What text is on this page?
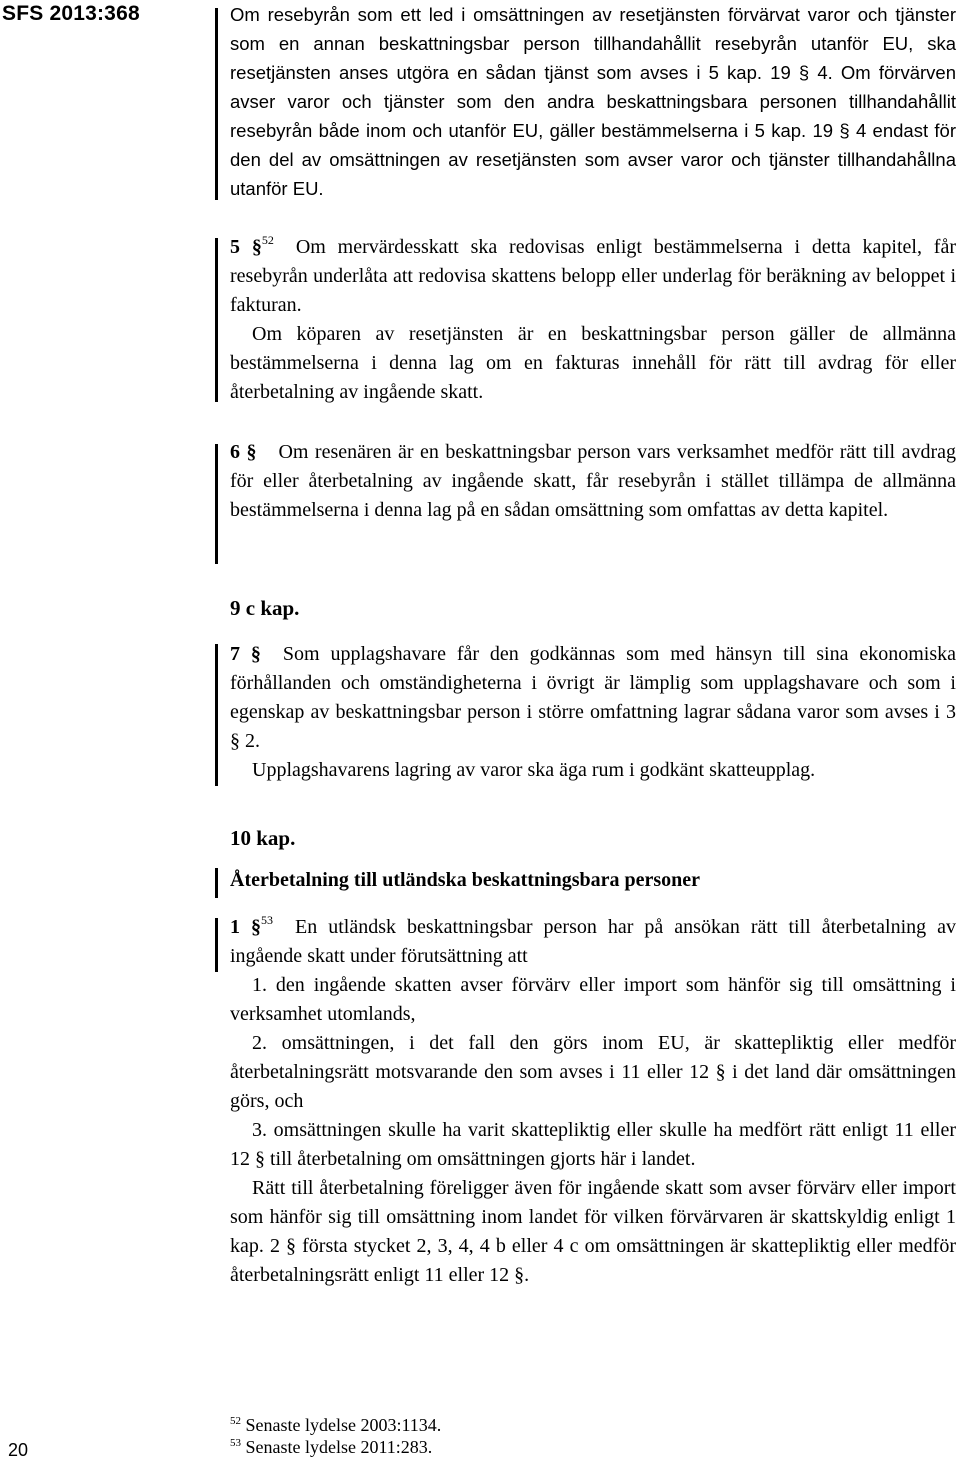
SFS 2013:368	Om resebyrån som ett led i omsättningen av resetjänsten förvärvat varor och tjänster som en annan beskattningsbar person tillhandahållit resebyrån utanför EU, ska resetjänsten anses utgöra en sådan tjänst som avses i 5 kap. 19 § 4. Om förvärven avser varor och tjänster som den andra beskattningsbara personen tillhandahållit resebyrån både inom och utanför EU, gäller bestämmelserna i 5 kap. 19 § 4 endast för den del av omsättningen av resetjänsten som avser varor och tjänster tillhandahållna utanför EU.

5 §$^{52}$ Om mervärdesskatt ska redovisas enligt bestämmelserna i detta kapitel, får resebyrån underlåta att redovisa skattens belopp eller underlag för beräkning av beloppet i fakturan.

Om köparen av resetjänsten är en beskattningsbar person gäller de allmänna bestämmelserna i denna lag om en fakturas innehåll för rätt till avdrag för eller återbetalning av ingående skatt.

6 § Om resenären är en beskattningsbar person vars verksamhet medför rätt till avdrag för eller återbetalning av ingående skatt, får resebyrån i stället tillämpa de allmänna bestämmelserna i denna lag på en sådan omsättning som omfattas av detta kapitel.

9 c kap.

7 § Som upplagshavare får den godkännas som med hänsyn till sina ekonomiska förhållanden och omständigheterna i övrigt är lämplig som upplagshavare och som i egenskap av beskattningsbar person i större omfattning lagrar sådana varor som avses i 3 § 2.

Upplagshavarens lagring av varor ska äga rum i godkänt skatteupplag.

10 kap.

Återbetalning till utländska beskattningsbara personer

1 §$^{53}$ En utländsk beskattningsbar person har på ansökan rätt till återbetalning av ingående skatt under förutsättning att

1. den ingående skatten avser förvärv eller import som hänför sig till omsättning i verksamhet utomlands,

2. omsättningen, i det fall den görs inom EU, är skattepliktig eller medför återbetalningsrätt motsvarande den som avses i 11 eller 12 § i det land där omsättningen görs, och

3. omsättningen skulle ha varit skattepliktig eller skulle ha medfört rätt enligt 11 eller 12 § till återbetalning om omsättningen gjorts här i landet.

Rätt till återbetalning föreligger även för ingående skatt som avser förvärv eller import som hänför sig till omsättning inom landet för vilken förvärvaren är skattskyldig enligt 1 kap. 2 § första stycket 2, 3, 4, 4 b eller 4 c om omsättningen är skattepliktig eller medför återbetalningsrätt enligt 11 eller 12 §.

$^{52}$ Senaste lydelse 2003:1134.
$^{53}$ Senaste lydelse 2011:283.
20
